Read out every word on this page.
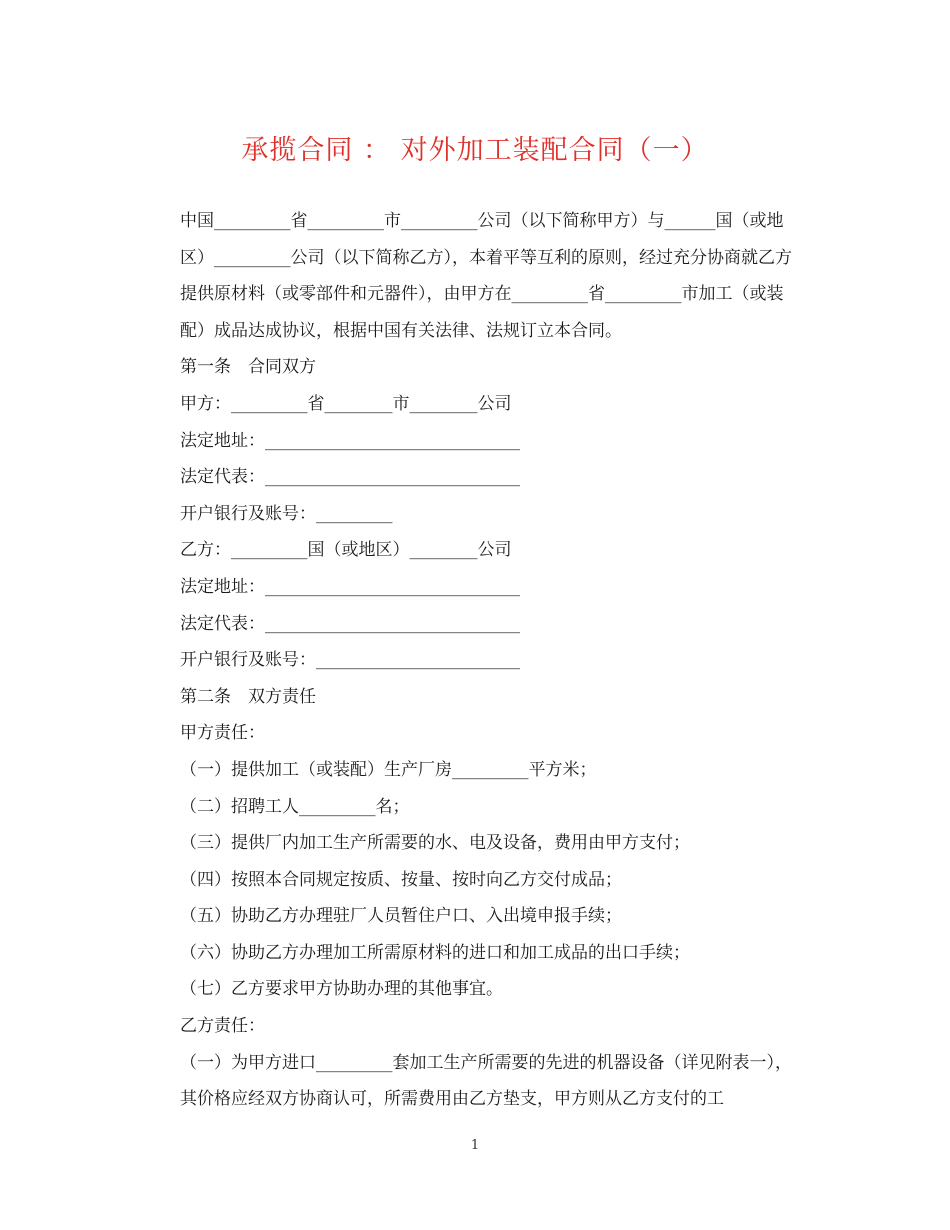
承揽合同 ： 对外加工装配合同（一）

中国_________省_________市_________公司（以下简称甲方）与______国（或地区）_________公司（以下简称乙方），本着平等互利的原则，经过充分协商就乙方提供原材料（或零部件和元器件），由甲方在_________省_________市加工（或装配）成品达成协议，根据中国有关法律、法规订立本合同。

第一条　合同双方

甲方：_________省________市________公司

法定地址：______________________________

法定代表：______________________________

开户银行及账号：_________

乙方：_________国（或地区）________公司

法定地址：______________________________

法定代表：______________________________

开户银行及账号：________________________

第二条　双方责任

甲方责任：

（一）提供加工（或装配）生产厂房_________平方米；

（二）招聘工人_________名；

（三）提供厂内加工生产所需要的水、电及设备，费用由甲方支付；

（四）按照本合同规定按质、按量、按时向乙方交付成品；

（五）协助乙方办理驻厂人员暂住户口、入出境申报手续；

（六）协助乙方办理加工所需原材料的进口和加工成品的出口手续；

（七）乙方要求甲方协助办理的其他事宜。

乙方责任：

（一）为甲方进口_________套加工生产所需要的先进的机器设备（详见附表一），其价格应经双方协商认可，所需费用由乙方垫支，甲方则从乙方支付的工

1
